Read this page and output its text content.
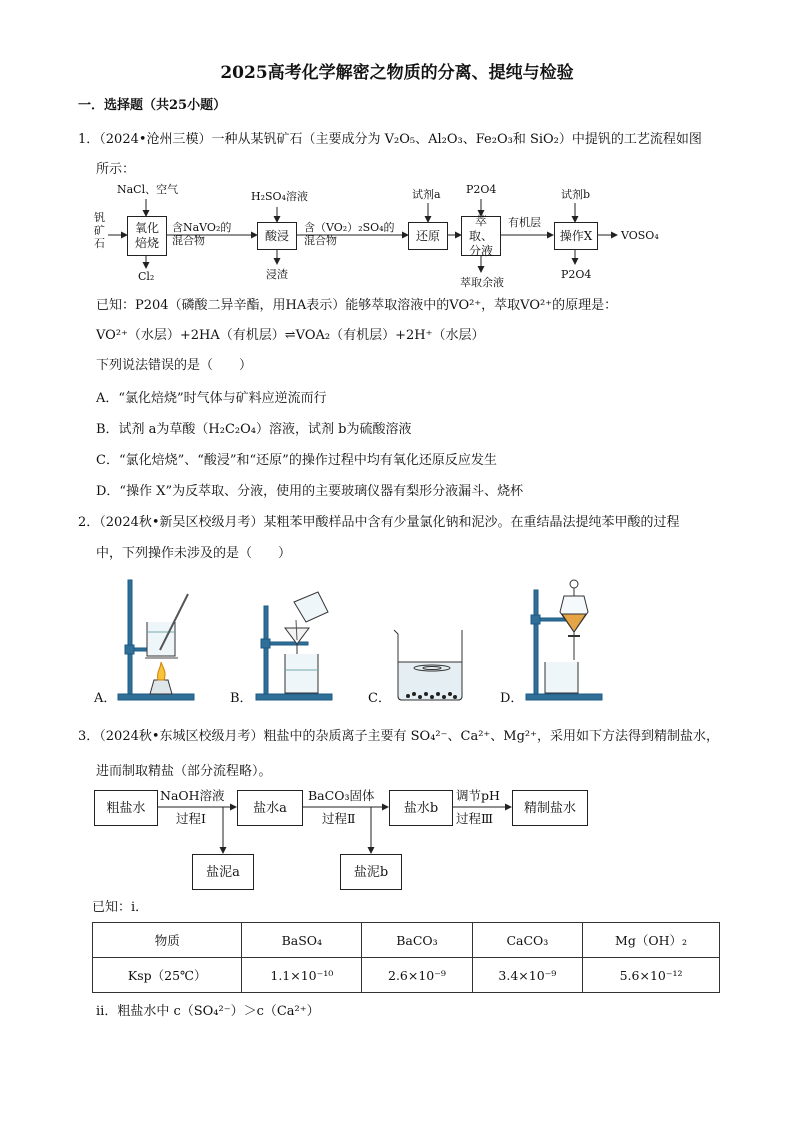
2025高考化学解密之物质的分离、提纯与检验
一．选择题（共25小题）
1．（2024•沧州三模）一种从某钒矿石（主要成分为 V₂O₅、Al₂O₃、Fe₂O₃和 SiO₂）中提钒的工艺流程如图
所示：
钒矿石
氧化焙烧
NaCl、空气
Cl₂
含NaVO₂的混合物	酸浸
H₂SO₄溶液
浸渣
含（VO₂）₂SO₄的混合物	还原
试剂a
萃取、分液
P2O4
萃取余液
有机层
操作X
试剂b
P2O4
VOSO₄
已知：P204（磷酸二异辛酯，用HA表示）能够萃取溶液中的VO²⁺，萃取VO²⁺的原理是：
VO²⁺（水层）+2HA（有机层）⇌VOA₂（有机层）+2H⁺（水层）
下列说法错误的是（　　）
A．“氯化焙烧”时气体与矿料应逆流而行
B．试剂 a为草酸（H₂C₂O₄）溶液，试剂 b为硫酸溶液
C．“氯化焙烧”、“酸浸”和“还原”的操作过程中均有氧化还原反应发生
D．“操作 X”为反萃取、分液，使用的主要玻璃仪器有梨形分液漏斗、烧杯
2．（2024秋•新吴区校级月考）某粗苯甲酸样品中含有少量氯化钠和泥沙。在重结晶法提纯苯甲酸的过程
中，下列操作未涉及的是（　　）
A．	B．	C．	D．
3．（2024秋•东城区校级月考）粗盐中的杂质离子主要有 SO₄²⁻、Ca²⁺、Mg²⁺，采用如下方法得到精制盐水，
进而制取精盐（部分流程略）。
粗盐水
NaOH溶液
过程Ⅰ
盐水a
BaCO₃固体
过程Ⅱ
盐水b
调节pH
过程Ⅲ
精制盐水
盐泥a	盐泥b
已知：ⅰ．
物质	BaSO₄	BaCO₃	CaCO₃	Mg（OH）₂
Ksp（25℃）	1.1×10⁻¹⁰	2.6×10⁻⁹	3.4×10⁻⁹	5.6×10⁻¹²
ⅱ．粗盐水中 c（SO₄²⁻）＞c（Ca²⁺）
